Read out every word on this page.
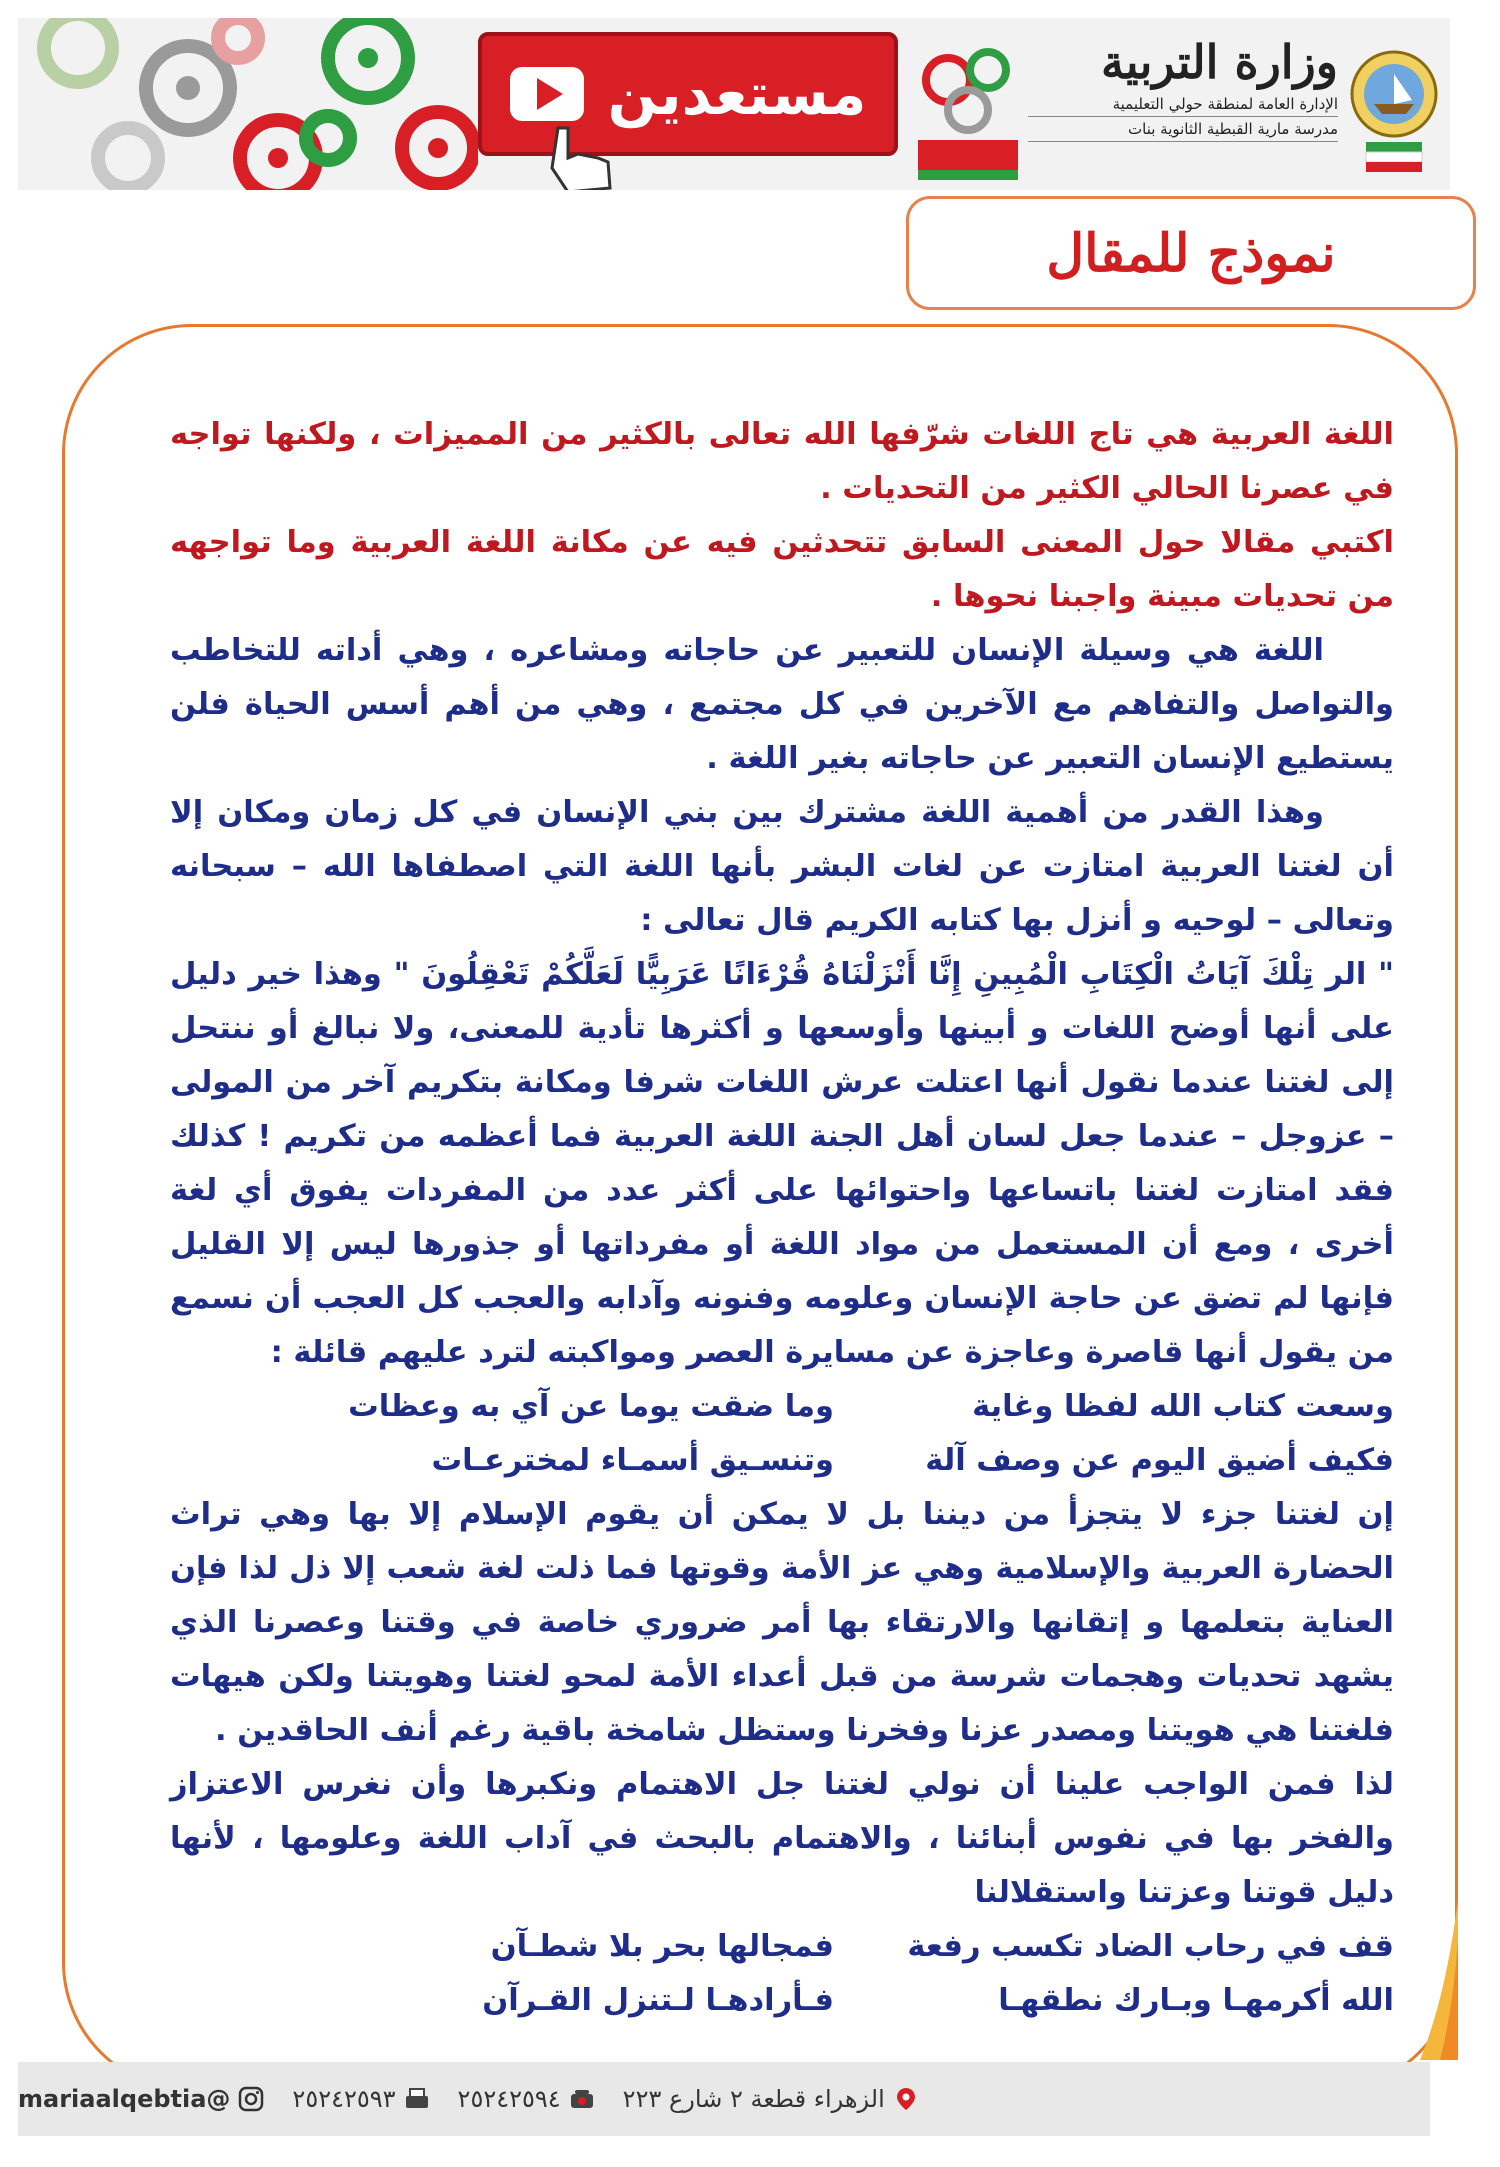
مستعدين	وزارة التربية
الإدارة العامة لمنطقة حولي التعليمية
مدرسة مارية القبطية الثانوية بنات
نموذج للمقال

اللغة العربية هي تاج اللغات شرّفها الله تعالى بالكثير من المميزات ، ولكنها تواجه في عصرنا الحالي الكثير من التحديات .

اكتبي مقالا حول المعنى السابق تتحدثين فيه عن مكانة اللغة العربية وما تواجهه من تحديات مبينة واجبنا نحوها .

اللغة هي وسيلة الإنسان للتعبير عن حاجاته ومشاعره ، وهي أداته للتخاطب والتواصل والتفاهم مع الآخرين في كل مجتمع ، وهي من أهم أسس الحياة فلن يستطيع الإنسان التعبير عن حاجاته بغير اللغة .

وهذا القدر من أهمية اللغة مشترك بين بني الإنسان في كل زمان ومكان إلا أن لغتنا العربية امتازت عن لغات البشر بأنها اللغة التي اصطفاها الله – سبحانه وتعالى – لوحيه و أنزل بها كتابه الكريم قال تعالى :

" الر تِلْكَ آيَاتُ الْكِتَابِ الْمُبِينِ إِنَّا أَنْزَلْنَاهُ قُرْءَانًا عَرَبِيًّا لَعَلَّكُمْ تَعْقِلُونَ " وهذا خير دليل على أنها أوضح اللغات و أبينها وأوسعها و أكثرها تأدية للمعنى، ولا نبالغ أو ننتحل إلى لغتنا عندما نقول أنها اعتلت عرش اللغات شرفا ومكانة بتكريم آخر من المولى – عزوجل – عندما جعل لسان أهل الجنة اللغة العربية فما أعظمه من تكريم ! كذلك فقد امتازت لغتنا باتساعها واحتوائها على أكثر عدد من المفردات يفوق أي لغة أخرى ، ومع أن المستعمل من مواد اللغة أو مفرداتها أو جذورها ليس إلا القليل فإنها لم تضق عن حاجة الإنسان وعلومه وفنونه وآدابه والعجب كل العجب أن نسمع من يقول أنها قاصرة وعاجزة عن مسايرة العصر ومواكبته لترد عليهم قائلة :

وسعت كتاب الله لفظا وغاية
وما ضقت يوما عن آي به وعظات
فكيف أضيق اليوم عن وصف آلة
وتنسـيق أسمـاء لمخترعـات

إن لغتنا جزء لا يتجزأ من ديننا بل لا يمكن أن يقوم الإسلام إلا بها وهي تراث الحضارة العربية والإسلامية وهي عز الأمة وقوتها فما ذلت لغة شعب إلا ذل لذا فإن العناية بتعلمها و إتقانها والارتقاء بها أمر ضروري خاصة في وقتنا وعصرنا الذي يشهد تحديات وهجمات شرسة من قبل أعداء الأمة لمحو لغتنا وهويتنا ولكن هيهات فلغتنا هي هويتنا ومصدر عزنا وفخرنا وستظل شامخة باقية رغم أنف الحاقدين .

لذا فمن الواجب علينا أن نولي لغتنا جل الاهتمام ونكبرها وأن نغرس الاعتزاز والفخر بها في نفوس أبنائنا ، والاهتمام بالبحث في آداب اللغة وعلومها ، لأنها دليل قوتنا وعزتنا واستقلالنا

قف في رحاب الضاد تكسب رفعة
فمجالها بحر بلا شطـآن
الله أكرمهـا وبـارك نطقهـا
فـأرادهـا لـتنزل القـرآن
الزهراء قطعة ٢ شارع ٢٢٣
٢٥٢٤٢٥٩٤
٢٥٢٤٢٥٩٣
@mariaalqebtia
